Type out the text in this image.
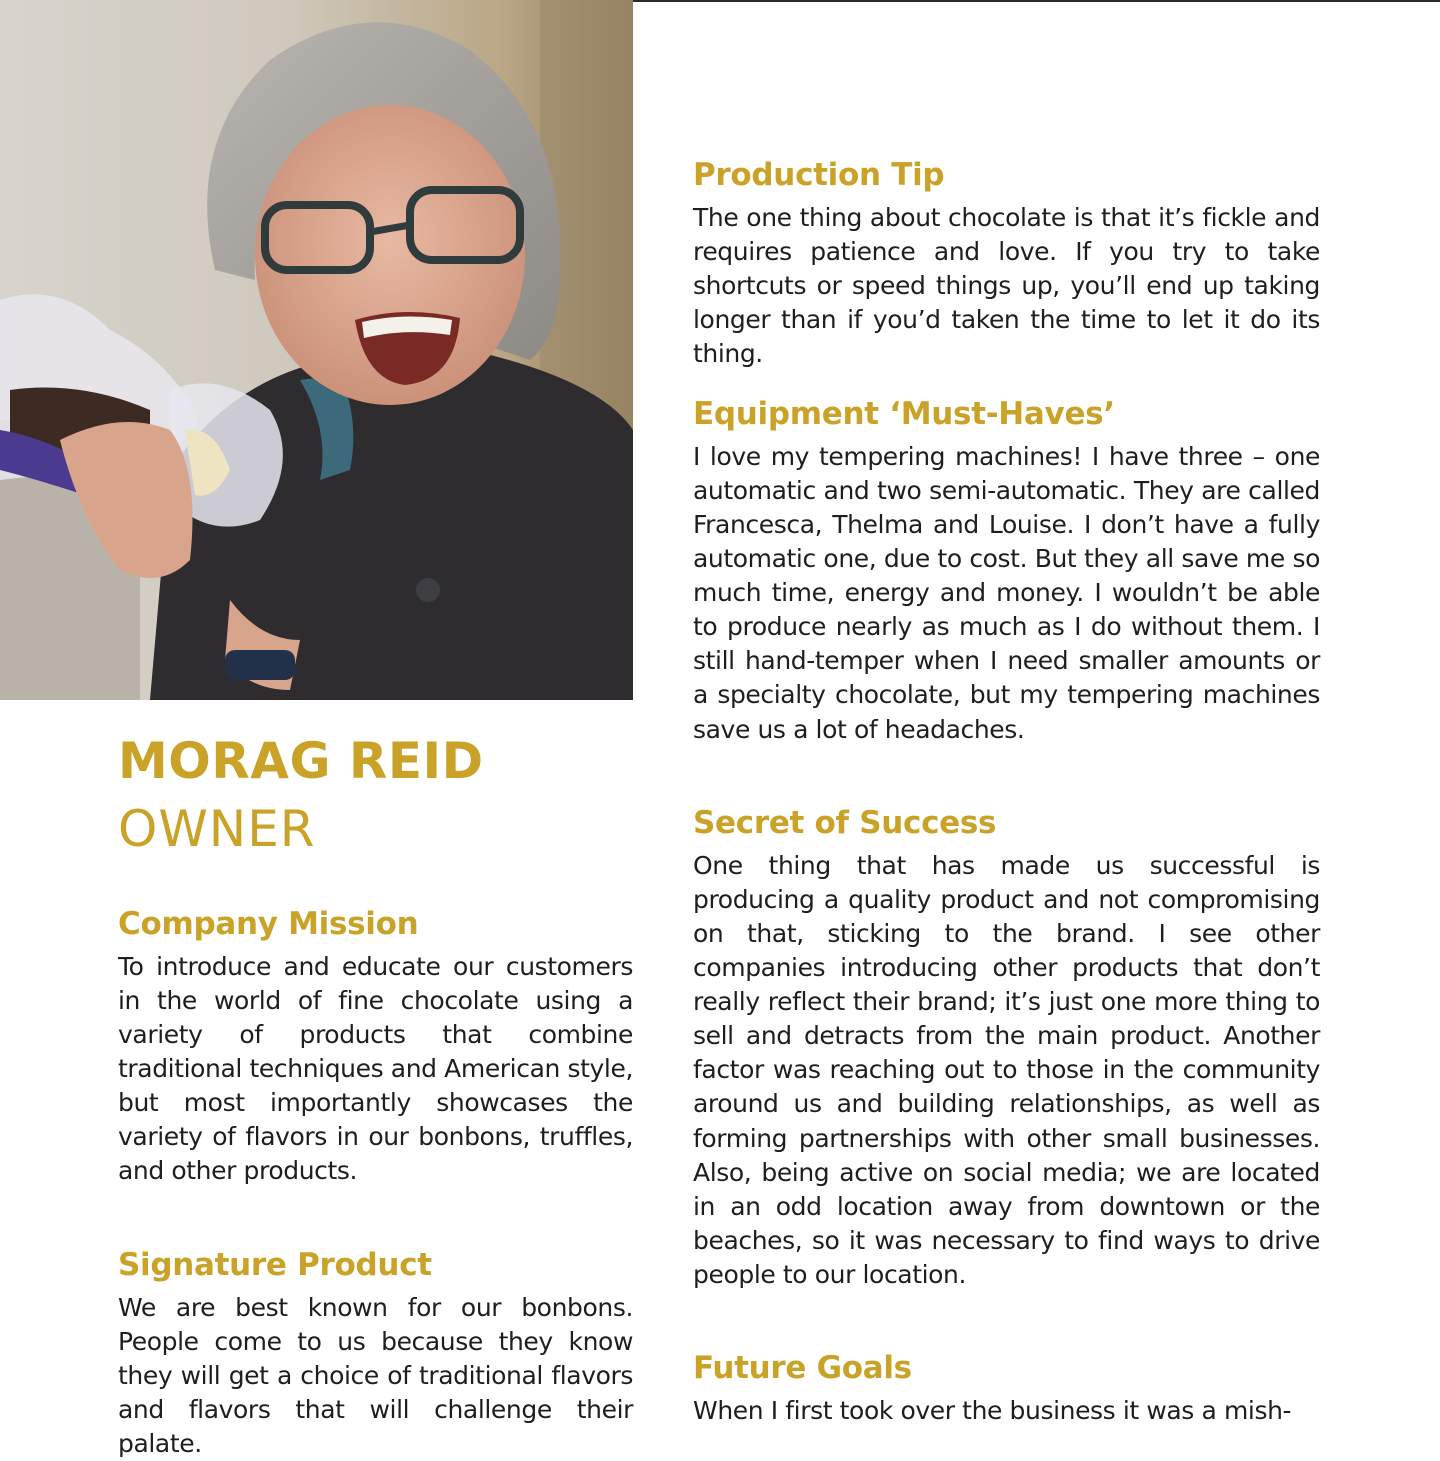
MORAG REID
OWNER
Company Mission

To introduce and educate our customers in the world of fine chocolate using a variety of products that combine traditional techniques and American style, but most importantly showcases the variety of flavors in our bonbons, truffles, and other products.

Signature Product

We are best known for our bonbons. People come to us because they know they will get a choice of traditional flavors and flavors that will challenge their palate.

Production Tip

The one thing about chocolate is that it’s fickle and requires patience and love. If you try to take shortcuts or speed things up, you’ll end up taking longer than if you’d taken the time to let it do its thing.

Equipment ‘Must-Haves’

I love my tempering machines! I have three – one automatic and two semi-automatic. They are called Francesca, Thelma and Louise. I don’t have a fully automatic one, due to cost. But they all save me so much time, energy and money. I wouldn’t be able to produce nearly as much as I do without them. I still hand-temper when I need smaller amounts or a specialty chocolate, but my tempering machines save us a lot of headaches.

Secret of Success

One thing that has made us successful is producing a quality product and not compromising on that, sticking to the brand. I see other companies introducing other products that don’t really reflect their brand; it’s just one more thing to sell and detracts from the main product. Another factor was reaching out to those in the community around us and building relationships, as well as forming partnerships with other small businesses. Also, being active on social media; we are located in an odd location away from downtown or the beaches, so it was necessary to find ways to drive people to our location.

Future Goals

When I first took over the business it was a mish-
